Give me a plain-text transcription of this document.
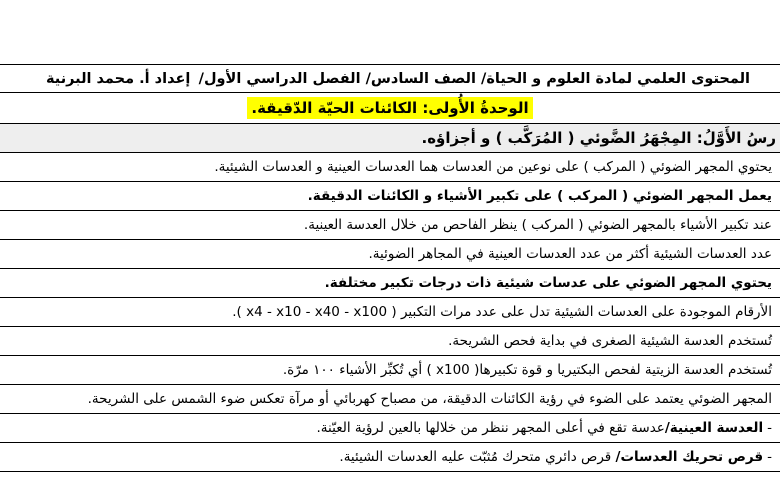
المحتوى العلمي لمادة العلوم و الحياة/ الصف السادس/ الفصل الدراسي الأول/
إعداد أ. محمد البرنية
الوحدةُ الأُولى: الكائنات الحيّة الدّقيقة.
رسُ الأَوَّلُ: المِجْهَرُ الضَّوئي ( المُرَكَّب ) و أجزاؤه.
يحتوي المجهر الضوئي ( المركب ) على نوعين من العدسات هما العدسات العينية و العدسات الشيئية.
يعمل المجهر الضوئي ( المركب ) على تكبير الأشياء و الكائنات الدقيقة.
عند تكبير الأشياء بالمجهر الضوئي ( المركب ) ينظر الفاحص من خلال العدسة العينية.
عدد العدسات الشيئية أكثر من عدد العدسات العينية في المجاهر الضوئية.
يحتوي المجهر الضوئي على عدسات شيئية ذات درجات تكبير مختلفة.
الأرقام الموجودة على العدسات الشيئية تدل على عدد مرات التكبير ( x4 - x10 - x40 - x100 ).
تُستخدم العدسة الشيئية الصغرى في بداية فحص الشريحة.
تُستخدم العدسة الزيتية لفحص البكتيريا و قوة تكبيرها( x100 ) أي تُكبِّر الأشياء ١٠٠ مرّة.
المجهر الضوئي يعتمد على الضوء في رؤية الكائنات الدقيقة، من مصباح كهربائي أو مرآة تعكس ضوء الشمس على الشريحة.
-العدسة العينية/عدسة تقع في أعلى المجهر ننظر من خلالها بالعين لرؤية العيّنة.
-قرص تحريك العدسات/ قرص دائري متحرك مُثبّت عليه العدسات الشيئية.
